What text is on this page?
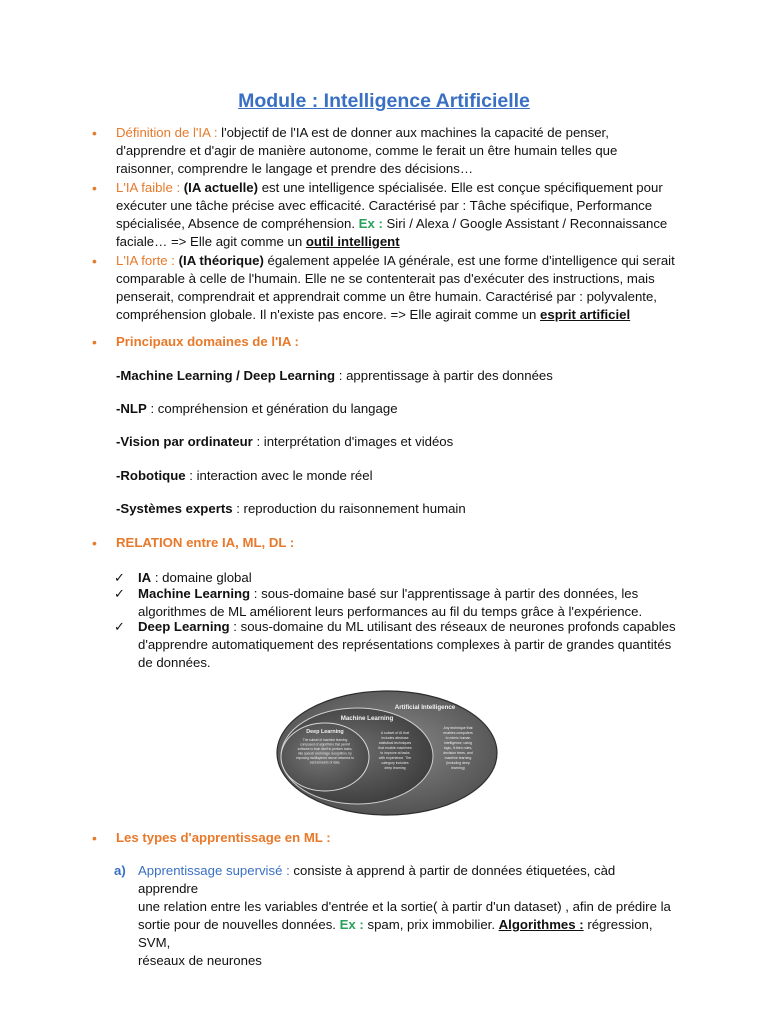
Module : Intelligence Artificielle
• Définition de l'IA : l'objectif de l'IA est de donner aux machines la capacité de penser,
d'apprendre et d'agir de manière autonome, comme le ferait un être humain telles que
raisonner, comprendre le langage et prendre des décisions…
• L'IA faible : (IA actuelle) est une intelligence spécialisée. Elle est conçue spécifiquement pour
exécuter une tâche précise avec efficacité. Caractérisé par : Tâche spécifique, Performance
spécialisée, Absence de compréhension. Ex : Siri / Alexa / Google Assistant / Reconnaissance
faciale… => Elle agit comme un outil intelligent
• L'IA forte : (IA théorique) également appelée IA générale, est une forme d'intelligence qui serait
comparable à celle de l'humain. Elle ne se contenterait pas d'exécuter des instructions, mais
penserait, comprendrait et apprendrait comme un être humain. Caractérisé par : polyvalente,
compréhension globale. Il n'existe pas encore. => Elle agirait comme un esprit artificiel
• Principaux domaines de l'IA :
-Machine Learning / Deep Learning : apprentissage à partir des données
-NLP : compréhension et génération du langage
-Vision par ordinateur : interprétation d'images et vidéos
-Robotique : interaction avec le monde réel
-Systèmes experts : reproduction du raisonnement humain
• RELATION entre IA, ML, DL :
✓ IA : domaine global
✓ Machine Learning : sous-domaine basé sur l'apprentissage à partir des données, les
algorithmes de ML améliorent leurs performances au fil du temps grâce à l'expérience.
✓ Deep Learning : sous-domaine du ML utilisant des réseaux de neurones profonds capables
d'apprendre automatiquement des représentations complexes à partir de grandes quantités
de données.
Artificial Intelligence
Machine Learning
Deep Learning
The subset of machine learning
composed of algorithms that permit
software to train itself to perform tasks,
like speech and image recognition, by
exposing multilayered neural networks to
vast amounts of data.
A subset of AI that
includes abstruse
statistical techniques
that enable machines
to improve at tasks
with experience. The
category includes
deep learning
Any technique that
enables computers
to mimic human
intelligence, using
logic, if-then rules,
decision trees, and
machine learning
(including deep
learning)
• Les types d'apprentissage en ML :
a) Apprentissage supervisé : consiste à apprend à partir de données étiquetées, càd apprendre
une relation entre les variables d'entrée et la sortie( à partir d'un dataset) , afin de prédire la
sortie pour de nouvelles données. Ex : spam, prix immobilier. Algorithmes : régression, SVM,
réseaux de neurones
